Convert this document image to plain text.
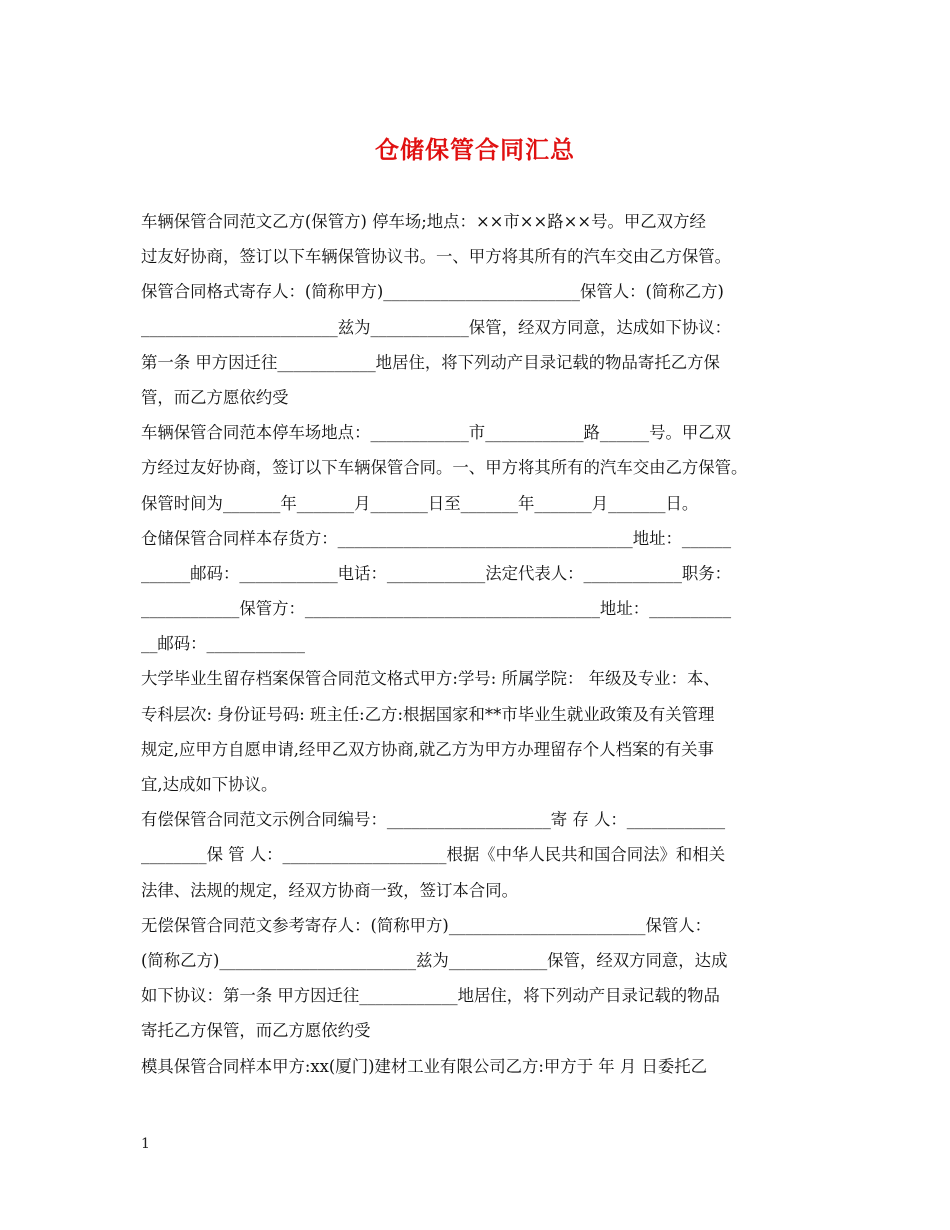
仓储保管合同汇总
车辆保管合同范文乙方(保管方) 停车场;地点：××市××路××号。甲乙双方经
过友好协商，签订以下车辆保管协议书。一、甲方将其所有的汽车交由乙方保管。
保管合同格式寄存人：(简称甲方)________________________保管人：(简称乙方)
________________________兹为____________保管，经双方同意，达成如下协议：
第一条 甲方因迁往____________地居住，将下列动产目录记载的物品寄托乙方保
管，而乙方愿依约受
车辆保管合同范本停车场地点：____________市____________路______号。甲乙双
方经过友好协商，签订以下车辆保管合同。一、甲方将其所有的汽车交由乙方保管。
保管时间为_______年_______月_______日至_______年_______月_______日。
仓储保管合同样本存货方：____________________________________地址：______
______邮码：____________电话：____________法定代表人：____________职务：
____________保管方：____________________________________地址：__________
__邮码：____________
大学毕业生留存档案保管合同范文格式甲方:学号: 所属学院： 年级及专业：本、
专科层次: 身份证号码: 班主任:乙方:根据国家和**市毕业生就业政策及有关管理
规定,应甲方自愿申请,经甲乙双方协商,就乙方为甲方办理留存个人档案的有关事
宜,达成如下协议。
有偿保管合同范文示例合同编号：____________________寄 存 人：____________
________保 管 人：____________________根据《中华人民共和国合同法》和相关
法律、法规的规定，经双方协商一致，签订本合同。
无偿保管合同范文参考寄存人：(简称甲方)________________________保管人：
(简称乙方)________________________兹为____________保管，经双方同意，达成
如下协议：第一条 甲方因迁往____________地居住，将下列动产目录记载的物品
寄托乙方保管，而乙方愿依约受
模具保管合同样本甲方:xx(厦门)建材工业有限公司乙方:甲方于 年 月 日委托乙
1
